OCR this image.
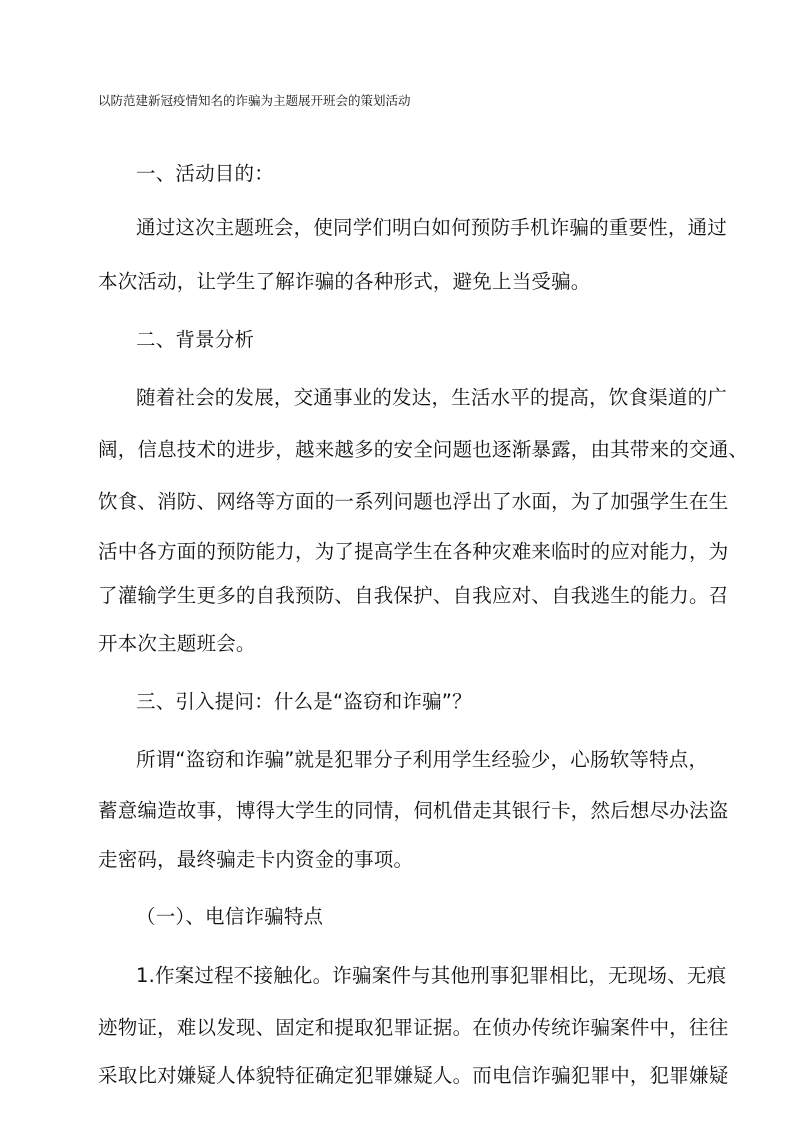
以防范建新冠疫情知名的诈骗为主题展开班会的策划活动
一、活动目的：
通过这次主题班会，使同学们明白如何预防手机诈骗的重要性，通过
本次活动，让学生了解诈骗的各种形式，避免上当受骗。
二、背景分析
随着社会的发展，交通事业的发达，生活水平的提高，饮食渠道的广
阔，信息技术的进步，越来越多的安全问题也逐渐暴露，由其带来的交通、
饮食、消防、网络等方面的一系列问题也浮出了水面，为了加强学生在生
活中各方面的预防能力，为了提高学生在各种灾难来临时的应对能力，为
了灌输学生更多的自我预防、自我保护、自我应对、自我逃生的能力。召
开本次主题班会。
三、引入提问：什么是“盗窃和诈骗”？
所谓“盗窃和诈骗”就是犯罪分子利用学生经验少，心肠软等特点，
蓄意编造故事，博得大学生的同情，伺机借走其银行卡，然后想尽办法盗
走密码，最终骗走卡内资金的事项。
（一）、电信诈骗特点
1.作案过程不接触化。诈骗案件与其他刑事犯罪相比，无现场、无痕
迹物证，难以发现、固定和提取犯罪证据。在侦办传统诈骗案件中，往往
采取比对嫌疑人体貌特征确定犯罪嫌疑人。而电信诈骗犯罪中，犯罪嫌疑
